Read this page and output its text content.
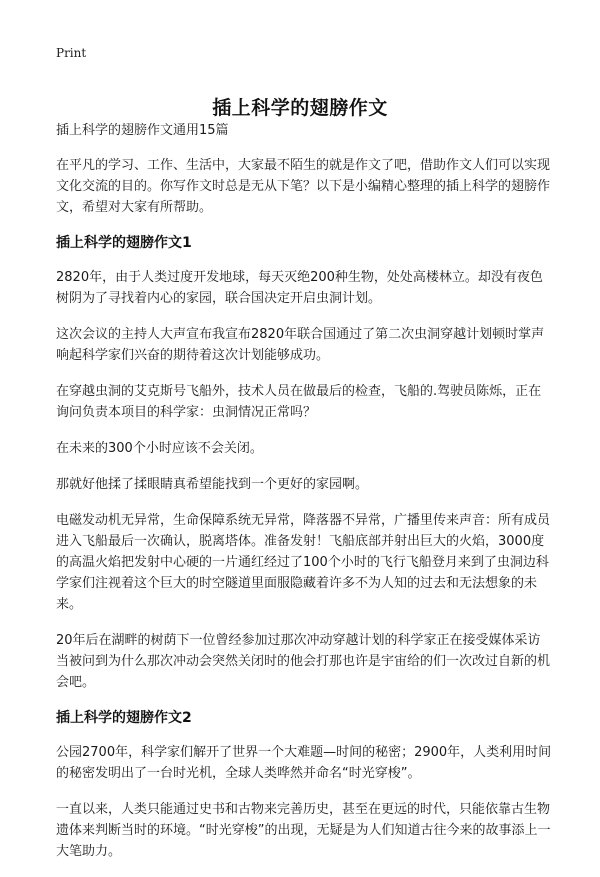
Print
插上科学的翅膀作文

插上科学的翅膀作文通用15篇

在平凡的学习、工作、生活中，大家最不陌生的就是作文了吧，借助作文人们可以实现文化交流的目的。你写作文时总是无从下笔？以下是小编精心整理的插上科学的翅膀作文，希望对大家有所帮助。

插上科学的翅膀作文1

2820年，由于人类过度开发地球，每天灭绝200种生物，处处高楼林立。却没有夜色树阴为了寻找着内心的家园，联合国决定开启虫洞计划。

这次会议的主持人大声宣布我宣布2820年联合国通过了第二次虫洞穿越计划顿时掌声响起科学家们兴奋的期待着这次计划能够成功。

在穿越虫洞的艾克斯号飞船外，技术人员在做最后的检查，飞船的.驾驶员陈烁，正在询问负责本项目的科学家：虫洞情况正常吗？

在未来的300个小时应该不会关闭。

那就好他揉了揉眼睛真希望能找到一个更好的家园啊。

电磁发动机无异常，生命保障系统无异常，降落器不异常，广播里传来声音：所有成员进入飞船最后一次确认，脱离塔体。准备发射！飞船底部并射出巨大的火焰，3000度的高温火焰把发射中心硬的一片通红经过了100个小时的飞行飞船登月来到了虫洞边科学家们注视着这个巨大的时空隧道里面服隐藏着许多不为人知的过去和无法想象的未来。

20年后在湖畔的树荫下一位曾经参加过那次冲动穿越计划的科学家正在接受媒体采访当被问到为什么那次冲动会突然关闭时的他会打那也许是宇宙给的们一次改过自新的机会吧。

插上科学的翅膀作文2

公园2700年，科学家们解开了世界一个大难题—时间的秘密；2900年，人类利用时间的秘密发明出了一台时光机，全球人类哗然并命名“时光穿梭”。

一直以来，人类只能通过史书和古物来完善历史，甚至在更远的时代，只能依靠古生物遗体来判断当时的环境。“时光穿梭”的出现，无疑是为人们知道古往今来的故事添上一大笔助力。
